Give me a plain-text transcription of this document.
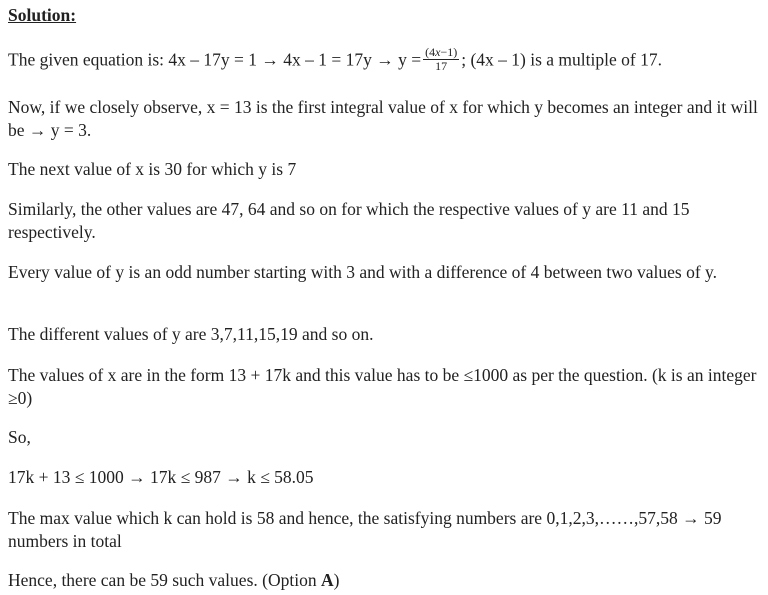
Solution:

The given equation is: $4x - 17y = 1 \to 4x - 1 = 17y \to y = \frac{(4x-1)}{17}$ ; (4x – 1) is a multiple of 17.

Now, if we closely observe, x = 13 is the first integral value of x for which y becomes an integer and it will be → y = 3.

The next value of x is 30 for which y is 7

Similarly, the other values are 47, 64 and so on for which the respective values of y are 11 and 15 respectively.

Every value of y is an odd number starting with 3 and with a difference of 4 between two values of y.

The different values of y are 3,7,11,15,19 and so on.

The values of x are in the form 13 + 17k and this value has to be ≤1000 as per the question. (k is an integer ≥0)

So,

17k + 13 ≤ 1000 → 17k ≤ 987 → k ≤ 58.05

The max value which k can hold is 58 and hence, the satisfying numbers are 0,1,2,3,……,57,58 → 59 numbers in total

Hence, there can be 59 such values. (Option A)
